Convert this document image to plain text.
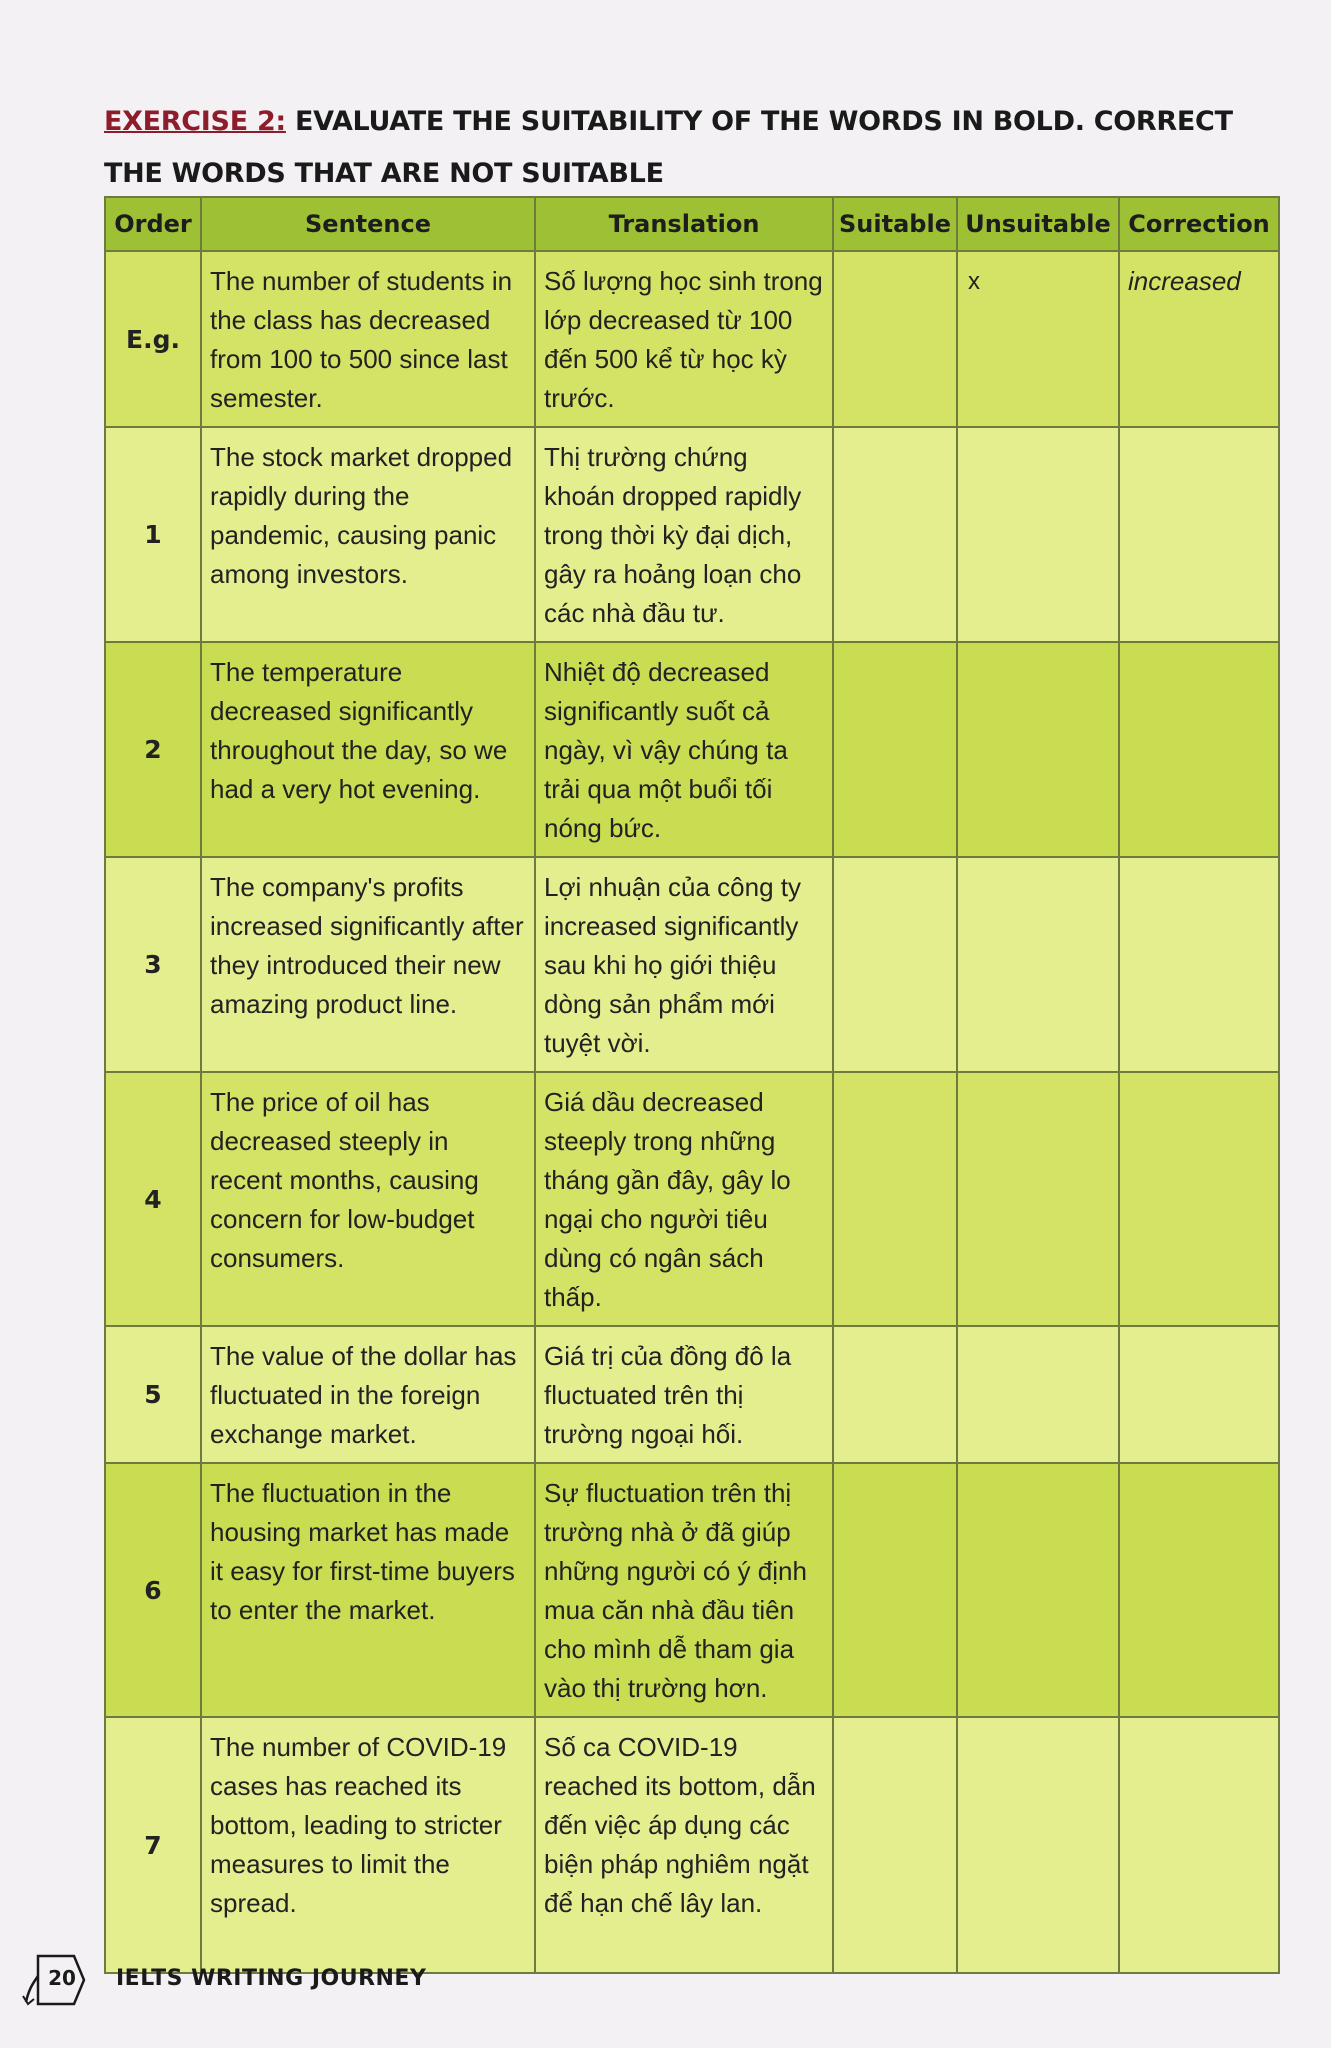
EXERCISE 2: EVALUATE THE SUITABILITY OF THE WORDS IN BOLD. CORRECT THE WORDS THAT ARE NOT SUITABLE
Order	Sentence	Translation	Suitable	Unsuitable	Correction
E.g.	The number of students in the class has decreased from 100 to 500 since last semester.	Số lượng học sinh trong lớp decreased từ 100 đến 500 kể từ học kỳ trước.		x	increased
1	The stock market dropped rapidly during the pandemic, causing panic among investors.	Thị trường chứng khoán dropped rapidly trong thời kỳ đại dịch, gây ra hoảng loạn cho các nhà đầu tư.			
2	The temperature decreased significantly throughout the day, so we had a very hot evening.	Nhiệt độ decreased significantly suốt cả ngày, vì vậy chúng ta trải qua một buổi tối nóng bức.			
3	The company's profits increased significantly after they introduced their new amazing product line.	Lợi nhuận của công ty increased significantly sau khi họ giới thiệu dòng sản phẩm mới tuyệt vời.			
4	The price of oil has decreased steeply in recent months, causing concern for low-budget consumers.	Giá dầu decreased steeply trong những tháng gần đây, gây lo ngại cho người tiêu dùng có ngân sách thấp.			
5	The value of the dollar has fluctuated in the foreign exchange market.	Giá trị của đồng đô la fluctuated trên thị trường ngoại hối.			
6	The fluctuation in the housing market has made it easy for first-time buyers to enter the market.	Sự fluctuation trên thị trường nhà ở đã giúp những người có ý định mua căn nhà đầu tiên cho mình dễ tham gia vào thị trường hơn.			
7	The number of COVID-19 cases has reached its bottom, leading to stricter measures to limit the spread.	Số ca COVID-19 reached its bottom, dẫn đến việc áp dụng các biện pháp nghiêm ngặt để hạn chế lây lan.			
20 IELTS WRITING JOURNEY
